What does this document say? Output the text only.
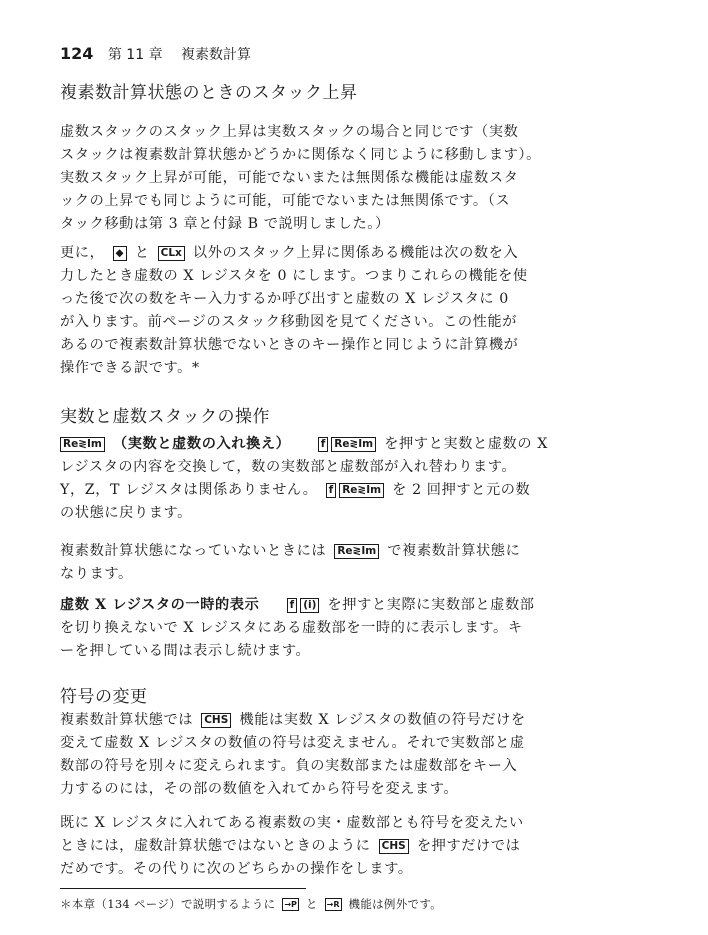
124 第 11 章 複素数計算
複素数計算状態のときのスタック上昇
虚数スタックのスタック上昇は実数スタックの場合と同じです（実数
スタックは複素数計算状態かどうかに関係なく同じように移動します）。
実数スタック上昇が可能，可能でないまたは無関係な機能は虚数スタ
ックの上昇でも同じように可能，可能でないまたは無関係です。（ス
タック移動は第 3 章と付録 B で説明しました。）
更に， ◆ と CLx 以外のスタック上昇に関係ある機能は次の数を入
力したとき虚数の X レジスタを 0 にします。つまりこれらの機能を使
った後で次の数をキー入力するか呼び出すと虚数の X レジスタに 0
が入ります。前ページのスタック移動図を見てください。この性能が
あるので複素数計算状態でないときのキー操作と同じように計算機が
操作できる訳です。*
実数と虚数スタックの操作
Re≷Im （実数と虚数の入れ換え）	f Re≷Im を押すと実数と虚数の X
レジスタの内容を交換して，数の実数部と虚数部が入れ替わります。
Y，Z，T レジスタは関係ありません。 f Re≷Im を 2 回押すと元の数
の状態に戻ります。
複素数計算状態になっていないときには Re≷Im で複素数計算状態に
なります。
虚数 X レジスタの一時的表示	f (i) を押すと実際に実数部と虚数部
を切り換えないで X レジスタにある虚数部を一時的に表示します。キ
ーを押している間は表示し続けます。
符号の変更
複素数計算状態では CHS 機能は実数 X レジスタの数値の符号だけを
変えて虚数 X レジスタの数値の符号は変えません。それで実数部と虚
数部の符号を別々に変えられます。負の実数部または虚数部をキー入
力するのには，その部の数値を入れてから符号を変えます。
既に X レジスタに入れてある複素数の実・虚数部とも符号を変えたい
ときには，虚数計算状態ではないときのように CHS を押すだけでは
だめです。その代りに次のどちらかの操作をします。
＊本章（134 ページ）で説明するように →P と →R 機能は例外です。
